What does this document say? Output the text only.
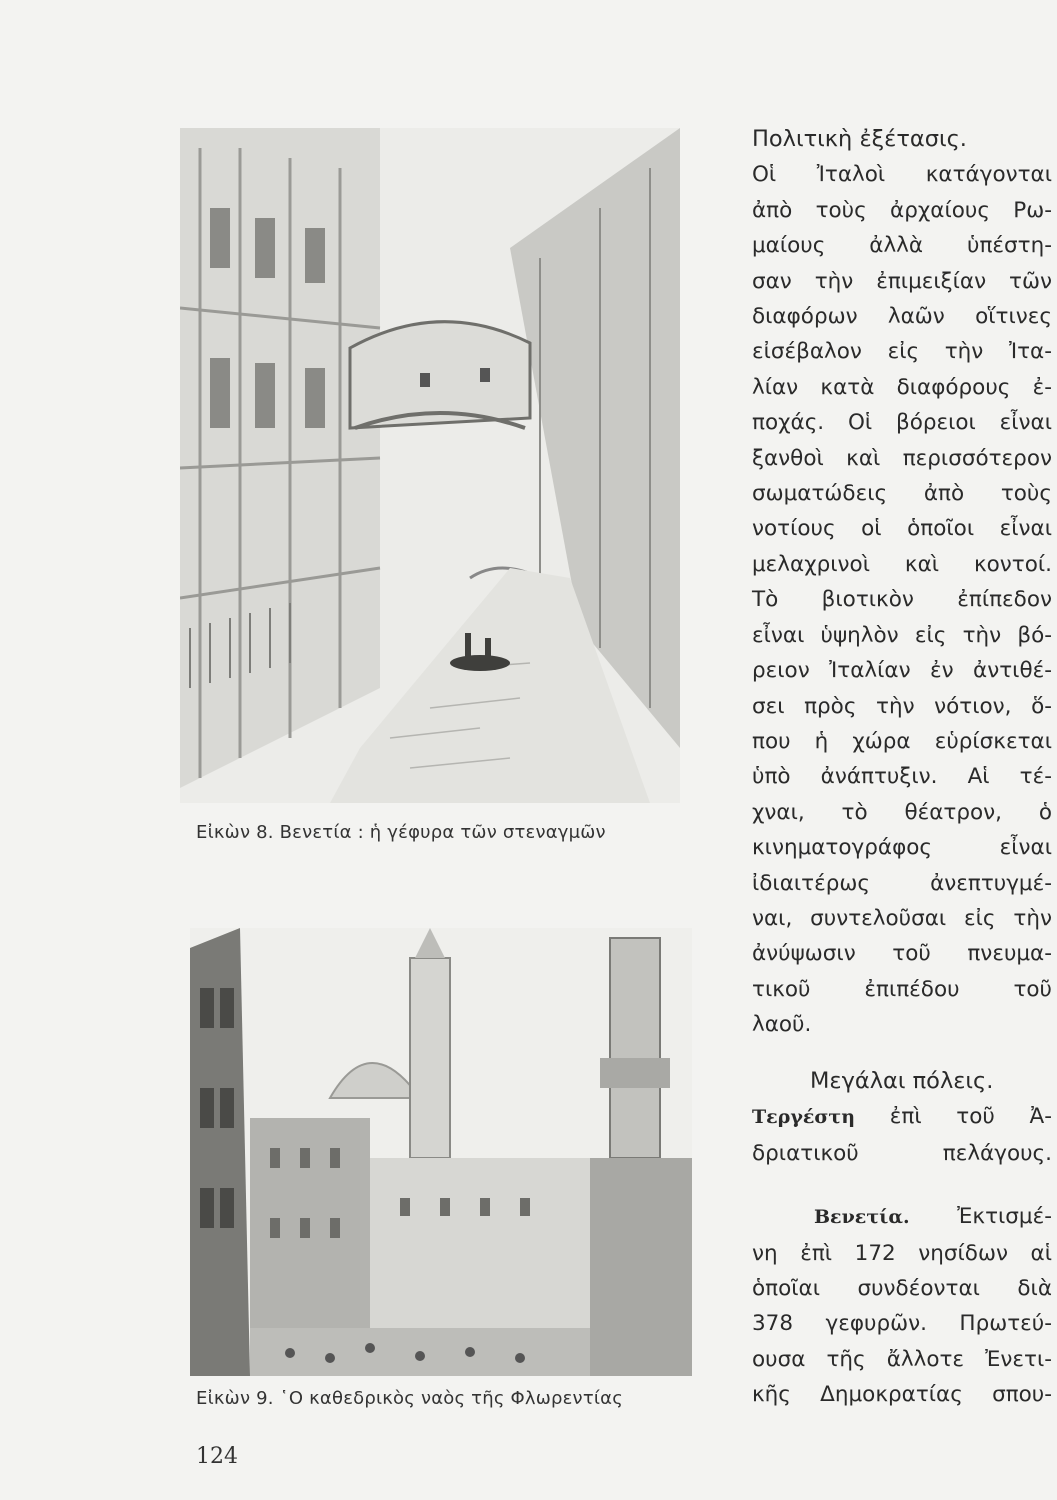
Εἰκὼν 8. Βενετία : ἡ γέφυρα τῶν στεναγμῶν
Εἰκὼν 9. ῾Ο καθεδρικὸς ναὸς τῆς Φλωρεντίας
Πολιτικὴ ἐξέτασις.
Οἱ Ἰταλοὶ κατάγονται
ἀπὸ τοὺς ἀρχαίους Ρω-
μαίους ἀλλὰ ὑπέστη-
σαν τὴν ἐπιμειξίαν τῶν
διαφόρων λαῶν οἵτινες
εἰσέβαλον εἰς τὴν Ἰτα-
λίαν κατὰ διαφόρους ἐ-
ποχάς. Οἱ βόρειοι εἶναι
ξανθοὶ καὶ περισσότερον
σωματώδεις ἀπὸ τοὺς
νοτίους οἱ ὁποῖοι εἶναι
μελαχρινοὶ καὶ κοντοί.
Τὸ βιοτικὸν ἐπίπεδον
εἶναι ὑψηλὸν εἰς τὴν βό-
ρειον Ἰταλίαν ἐν ἀντιθέ-
σει πρὸς τὴν νότιον, ὅ-
που ἡ χώρα εὑρίσκεται
ὑπὸ ἀνάπτυξιν. Αἱ τέ-
χναι, τὸ θέατρον, ὁ
κινηματογράφος εἶναι
ἰδιαιτέρως ἀνεπτυγμέ-
ναι, συντελοῦσαι εἰς τὴν
ἀνύψωσιν τοῦ πνευμα-
τικοῦ ἐπιπέδου τοῦ
λαοῦ.
Μεγάλαι πόλεις.
Τεργέστη ἐπὶ τοῦ Ἀ-
δριατικοῦ πελάγους.
Βενετία. Ἐκτισμέ-
νη ἐπὶ 172 νησίδων αἱ
ὁποῖαι συνδέονται διὰ
378 γεφυρῶν. Πρωτεύ-
ουσα τῆς ἄλλοτε Ἐνετι-
κῆς Δημοκρατίας σπου-
124
